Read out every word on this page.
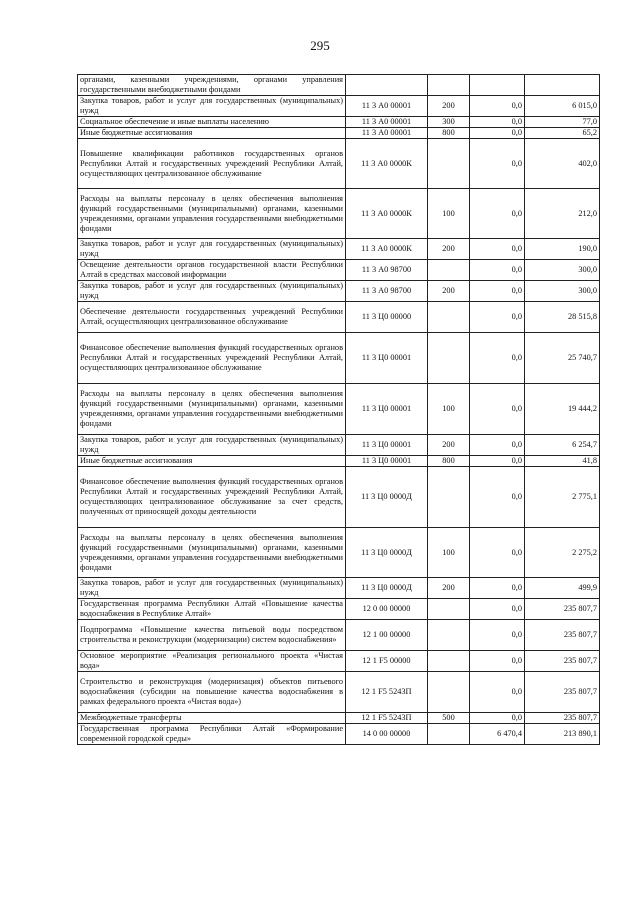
295
органами, казенными учреждениями, органами управления государственными внебюджетными фондами				
Закупка товаров, работ и услуг для государственных (муниципальных) нужд	11 3 А0 00001	200	0,0	6 015,0
Социальное обеспечение и иные выплаты населению	11 3 А0 00001	300	0,0	77,0
Иные бюджетные ассигнования	11 3 А0 00001	800	0,0	65,2
Повышение квалификации работников государственных органов Республики Алтай и государственных учреждений Республики Алтай, осуществляющих централизованное обслуживание	11 3 А0 0000К		0,0	402,0
Расходы на выплаты персоналу в целях обеспечения выполнения функций государственными (муниципальными) органами, казенными учреждениями, органами управления государственными внебюджетными фондами	11 3 А0 0000К	100	0,0	212,0
Закупка товаров, работ и услуг для государственных (муниципальных) нужд	11 3 А0 0000К	200	0,0	190,0
Освещение деятельности органов государственной власти Республики Алтай в средствах массовой информации	11 3 А0 98700		0,0	300,0
Закупка товаров, работ и услуг для государственных (муниципальных) нужд	11 3 А0 98700	200	0,0	300,0
Обеспечение деятельности государственных учреждений Республики Алтай, осуществляющих централизованное обслуживание	11 3 Ц0 00000		0,0	28 515,8
Финансовое обеспечение выполнения функций государственных органов Республики Алтай и государственных учреждений Республики Алтай, осуществляющих централизованное обслуживание	11 3 Ц0 00001		0,0	25 740,7
Расходы на выплаты персоналу в целях обеспечения выполнения функций государственными (муниципальными) органами, казенными учреждениями, органами управления государственными внебюджетными фондами	11 3 Ц0 00001	100	0,0	19 444,2
Закупка товаров, работ и услуг для государственных (муниципальных) нужд	11 3 Ц0 00001	200	0,0	6 254,7
Иные бюджетные ассигнования	11 3 Ц0 00001	800	0,0	41,8
Финансовое обеспечение выполнения функций государственных органов Республики Алтай и государственных учреждений Республики Алтай, осуществляющих централизованное обслуживание за счет средств, полученных от приносящей доходы деятельности	11 3 Ц0 0000Д		0,0	2 775,1
Расходы на выплаты персоналу в целях обеспечения выполнения функций государственными (муниципальными) органами, казенными учреждениями, органами управления государственными внебюджетными фондами	11 3 Ц0 0000Д	100	0,0	2 275,2
Закупка товаров, работ и услуг для государственных (муниципальных) нужд	11 3 Ц0 0000Д	200	0,0	499,9
Государственная программа Республики Алтай «Повышение качества водоснабжения в Республике Алтай»	12 0 00 00000		0,0	235 807,7
Подпрограмма «Повышение качества питьевой воды посредством строительства и реконструкции (модернизации) систем водоснабжения»	12 1 00 00000		0,0	235 807,7
Основное мероприятие «Реализация регионального проекта «Чистая вода»	12 1 F5 00000		0,0	235 807,7
Строительство и реконструкция (модернизация) объектов питьевого водоснабжения (субсидии на повышение качества водоснабжения в рамках федерального проекта «Чистая вода»)	12 1 F5 5243П		0,0	235 807,7
Межбюджетные трансферты	12 1 F5 5243П	500	0,0	235 807,7
Государственная программа Республики Алтай «Формирование современной городской среды»	14 0 00 00000		6 470,4	213 890,1
